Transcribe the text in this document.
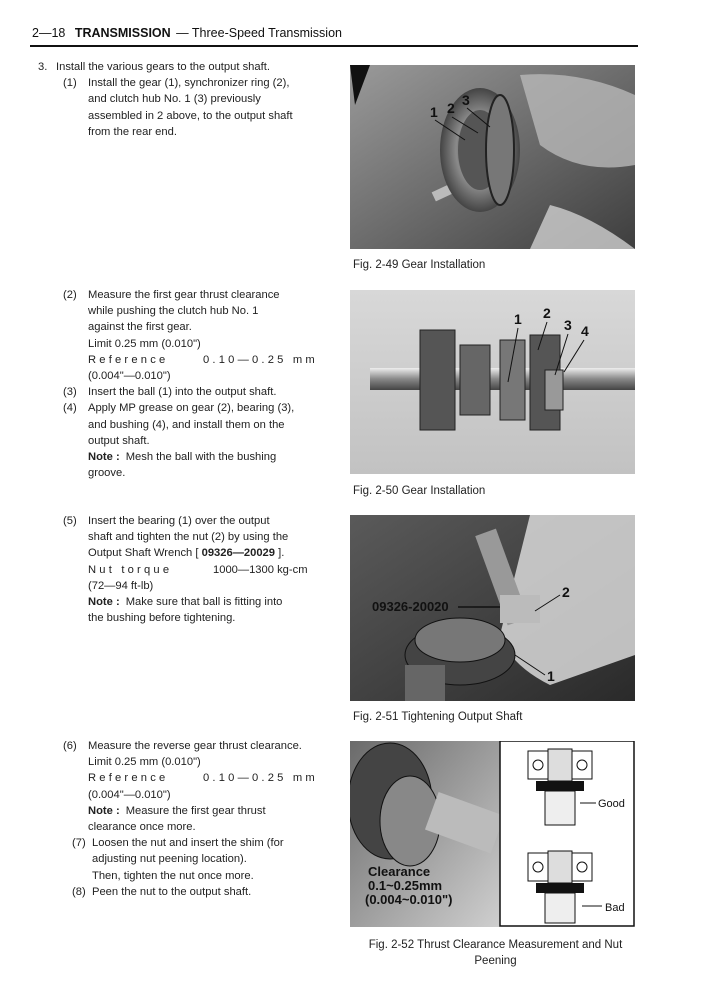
2—18 TRANSMISSION — Three-Speed Transmission
3. Install the various gears to the output shaft.
(1) Install the gear (1), synchronizer ring (2),
and clutch hub No. 1 (3) previously
assembled in 2 above, to the output shaft
from the rear end.
(2) Measure the first gear thrust clearance
while pushing the clutch hub No. 1
against the first gear.
Limit 0.25 mm (0.010")
Reference	0.10—0.25 mm
(0.004"—0.010")
(3) Insert the ball (1) into the output shaft.
(4) Apply MP grease on gear (2), bearing (3),
and bushing (4), and install them on the
output shaft.
Note : Mesh the ball with the bushing
groove.
(5) Insert the bearing (1) over the output
shaft and tighten the nut (2) by using the
Output Shaft Wrench [ 09326—20029 ].
Nut torque	1000—1300 kg-cm
(72—94 ft-lb)
Note : Make sure that ball is fitting into
the bushing before tightening.
(6) Measure the reverse gear thrust clearance.
Limit 0.25 mm (0.010")
Reference	0.10—0.25 mm
(0.004"—0.010")
Note : Measure the first gear thrust
clearance once more.
(7) Loosen the nut and insert the shim (for
adjusting nut peening location).
Then, tighten the nut once more.
(8) Peen the nut to the output shaft.
1 2 3
Fig. 2-49 Gear Installation
1 2
3 4
Fig. 2-50 Gear Installation
09326-20020
1
2
Fig. 2-51 Tightening Output Shaft
Clearance
0.1~0.25mm
(0.004~0.010")
Good
Bad
Fig. 2-52 Thrust Clearance Measurement and Nut
Peening
